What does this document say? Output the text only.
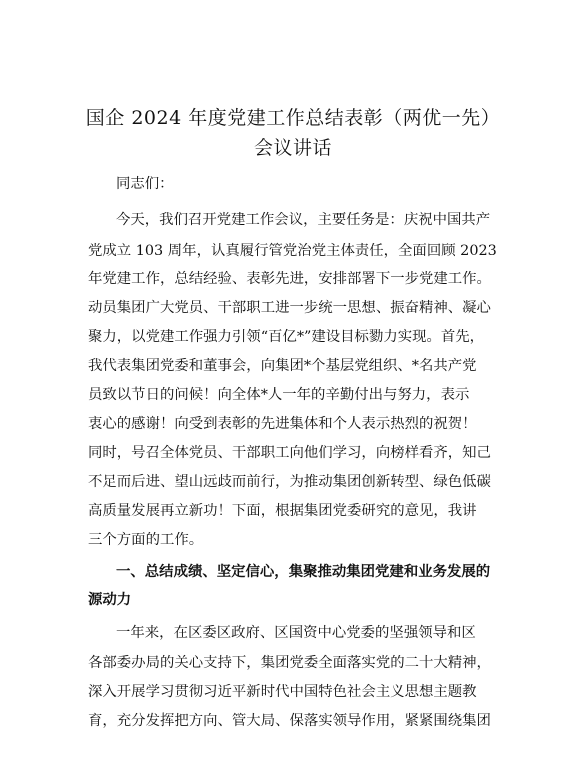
国企 2024 年度党建工作总结表彰（两优一先）
会议讲话
同志们：
今天，我们召开党建工作会议，主要任务是：庆祝中国共产
党成立 103 周年，认真履行管党治党主体责任，全面回顾 2023
年党建工作，总结经验、表彰先进，安排部署下一步党建工作。
动员集团广大党员、干部职工进一步统一思想、振奋精神、凝心
聚力，以党建工作强力引领“百亿*”建设目标勠力实现。首先，
我代表集团党委和董事会，向集团*个基层党组织、*名共产党
员致以节日的问候！向全体*人一年的辛勤付出与努力，表示
衷心的感谢！向受到表彰的先进集体和个人表示热烈的祝贺！
同时，号召全体党员、干部职工向他们学习，向榜样看齐，知己
不足而后进、望山远歧而前行，为推动集团创新转型、绿色低碳
高质量发展再立新功！下面，根据集团党委研究的意见，我讲
三个方面的工作。
一、总结成绩、坚定信心，集聚推动集团党建和业务发展的
源动力
一年来，在区委区政府、区国资中心党委的坚强领导和区
各部委办局的关心支持下，集团党委全面落实党的二十大精神，
深入开展学习贯彻习近平新时代中国特色社会主义思想主题教
育，充分发挥把方向、管大局、保落实领导作用，紧紧围绕集团
